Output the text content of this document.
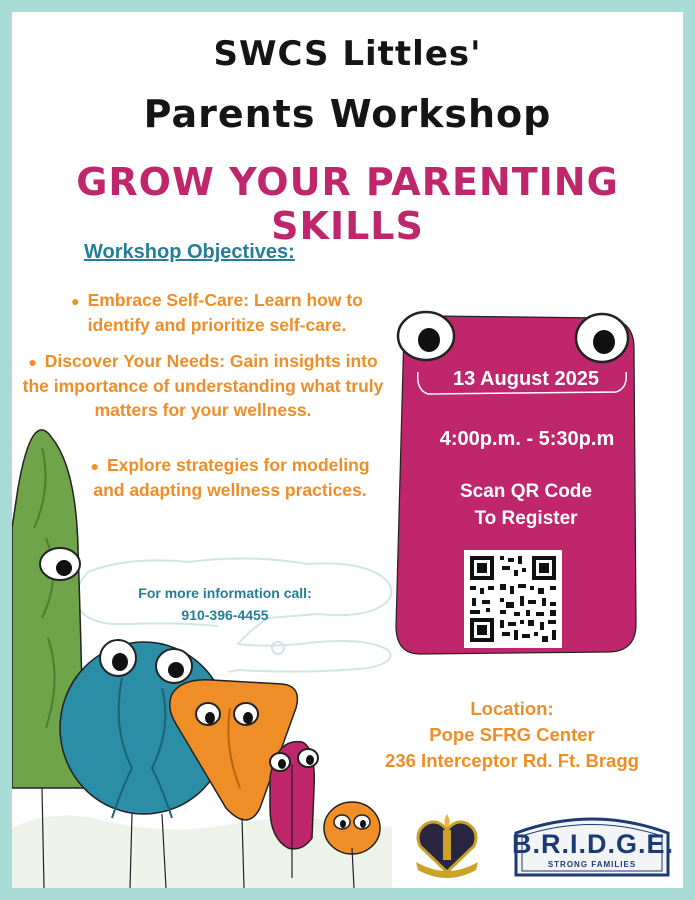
SWCS Littles'
Parents Workshop
GROW YOUR PARENTING SKILLS
Workshop Objectives:
● Embrace Self-Care: Learn how to identify and prioritize self-care.
● Discover Your Needs: Gain insights into the importance of understanding what truly matters for your wellness.
● Explore strategies for modeling and adapting wellness practices.
13 August 2025
4:00p.m. - 5:30p.m
Scan QR Code
To Register
For more information call:
910-396-4455
Location:
Pope SFRG Center
236 Interceptor Rd. Ft. Bragg
B.R.I.D.G.E.
STRONG FAMILIES
